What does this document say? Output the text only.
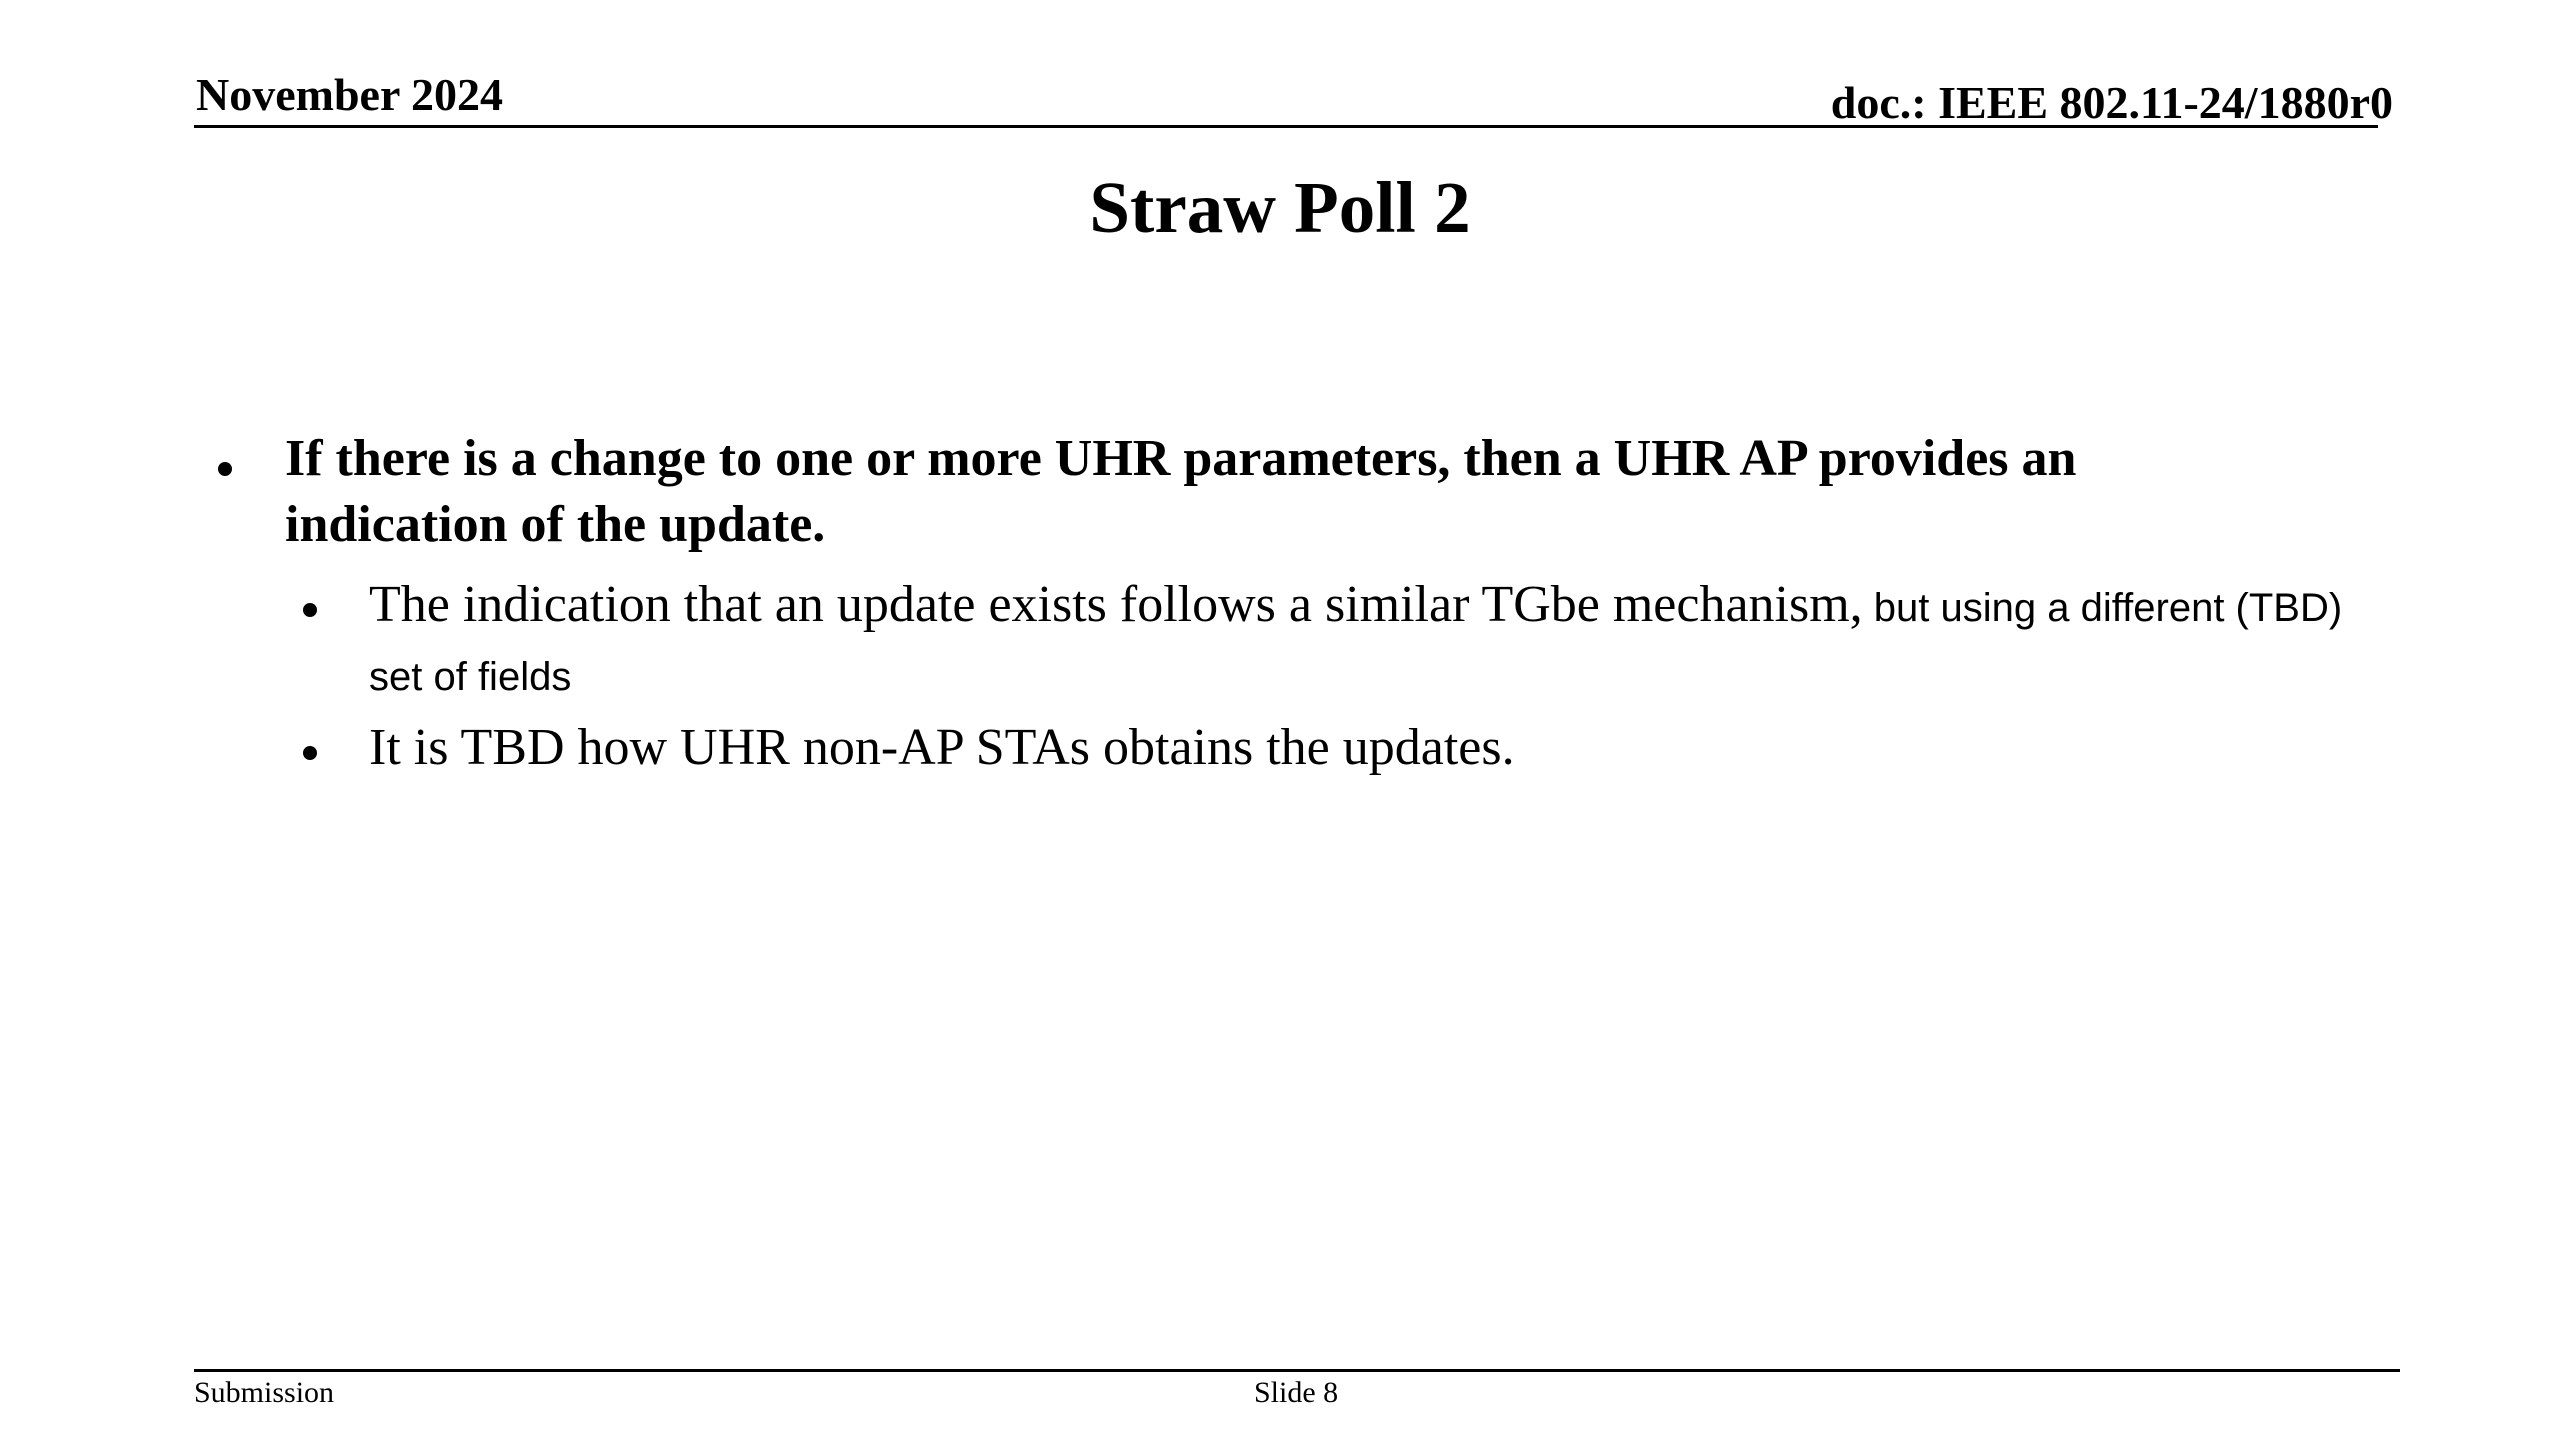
November 2024	doc.: IEEE 802.11-24/1880r0
Straw Poll 2
If there is a change to one or more UHR parameters, then a UHR AP provides an indication of the update.
The indication that an update exists follows a similar TGbe mechanism, but using a different (TBD) set of fields
It is TBD how UHR non-AP STAs obtains the updates.
Submission	Slide 8
